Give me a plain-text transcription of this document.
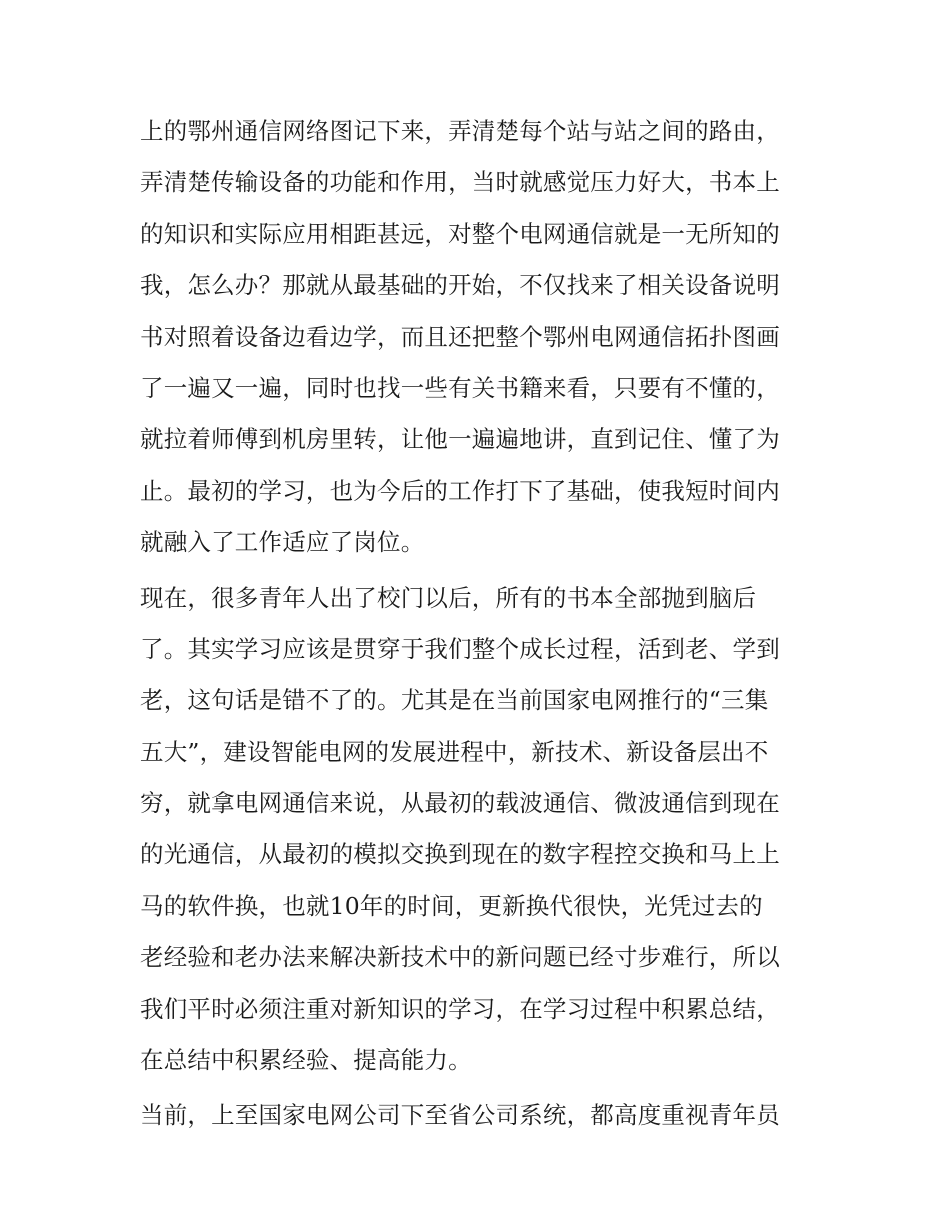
上的鄂州通信网络图记下来，弄清楚每个站与站之间的路由，
弄清楚传输设备的功能和作用，当时就感觉压力好大，书本上
的知识和实际应用相距甚远，对整个电网通信就是一无所知的
我，怎么办？那就从最基础的开始，不仅找来了相关设备说明
书对照着设备边看边学，而且还把整个鄂州电网通信拓扑图画
了一遍又一遍，同时也找一些有关书籍来看，只要有不懂的，
就拉着师傅到机房里转，让他一遍遍地讲，直到记住、懂了为
止。最初的学习，也为今后的工作打下了基础，使我短时间内
就融入了工作适应了岗位。
现在，很多青年人出了校门以后，所有的书本全部抛到脑后
了。其实学习应该是贯穿于我们整个成长过程，活到老、学到
老，这句话是错不了的。尤其是在当前国家电网推行的“三集
五大”，建设智能电网的发展进程中，新技术、新设备层出不
穷，就拿电网通信来说，从最初的载波通信、微波通信到现在
的光通信，从最初的模拟交换到现在的数字程控交换和马上上
马的软件换，也就10年的时间，更新换代很快，光凭过去的
老经验和老办法来解决新技术中的新问题已经寸步难行，所以
我们平时必须注重对新知识的学习，在学习过程中积累总结，
在总结中积累经验、提高能力。
当前，上至国家电网公司下至省公司系统，都高度重视青年员
